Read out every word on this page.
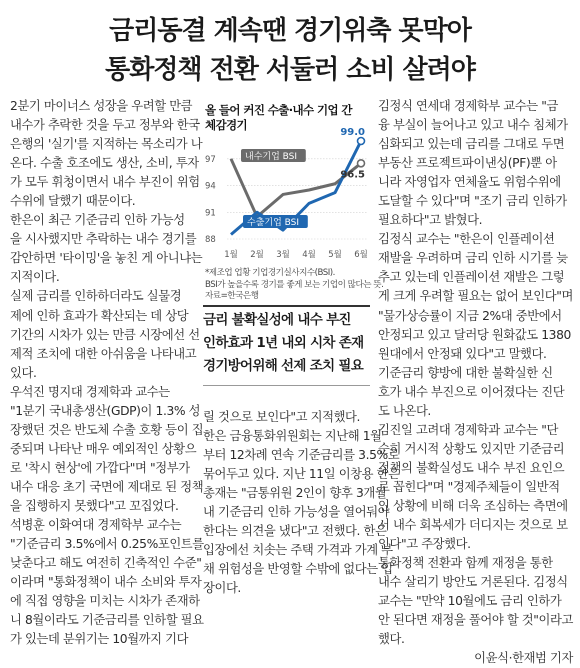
금리동결 계속땐 경기위축 못막아
통화정책 전환 서둘러 소비 살려야

2분기 마이너스 성장을 우려할 만큼

내수가 추락한 것을 두고 정부와 한국

은행의 '실기'를 지적하는 목소리가 나

온다. 수출 호조에도 생산, 소비, 투자

가 모두 휘청이면서 내수 부진이 위험

수위에 달했기 때문이다.

한은이 최근 기준금리 인하 가능성

을 시사했지만 추락하는 내수 경기를

감안하면 '타이밍'을 놓친 게 아니냐는

지적이다.

실제 금리를 인하하더라도 실물경

제에 인하 효과가 확산되는 데 상당

기간의 시차가 있는 만큼 시장에선 선

제적 조치에 대한 아쉬움을 나타내고

있다.

우석진 명지대 경제학과 교수는

"1분기 국내총생산(GDP)이 1.3% 성

장했던 것은 반도체 수출 호황 등이 집

중되며 나타난 매우 예외적인 상황으

로 '착시 현상'에 가깝다"며 "정부가

내수 대응 초기 국면에 제대로 된 정책

을 집행하지 못했다"고 꼬집었다.

석병훈 이화여대 경제학부 교수는

"기준금리 3.5%에서 0.25%포인트를

낮춘다고 해도 여전히 긴축적인 수준"

이라며 "통화정책이 내수 소비와 투자

에 직접 영향을 미치는 시차가 존재하

니 8월이라도 기준금리를 인하할 필요

가 있는데 분위기는 10월까지 기다

올 들어 커진 수출·내수 기업 간
체감경기
88
91
94
97
1월 2월 3월 4월 5월 6월
내수기업 BSI
수출기업 BSI
99.0
96.5
*제조업 업황 기업경기실사지수(BSI).
BSI가 높을수록 경기를 좋게 보는 기업이 많다는 뜻.
자료=한국은행

금리 불확실성에 내수 부진

인하효과 1년 내외 시차 존재

경기방어위해 선제 조치 필요

릴 것으로 보인다"고 지적했다.

한은 금융통화위원회는 지난해 1월

부터 12차례 연속 기준금리를 3.5%로

묶어두고 있다. 지난 11일 이창용 한은

총재는 "금통위원 2인이 향후 3개월

내 기준금리 인하 가능성을 열어둬야

한다는 의견을 냈다"고 전했다. 한은

입장에선 치솟는 주택 가격과 가계 부

채 위험성을 반영할 수밖에 없다는 입

장이다.

김정식 연세대 경제학부 교수는 "금

융 부실이 늘어나고 있고 내수 침체가

심화되고 있는데 금리를 그대로 두면

부동산 프로젝트파이낸싱(PF)뿐 아

니라 자영업자 연체율도 위험수위에

도달할 수 있다"며 "조기 금리 인하가

필요하다"고 밝혔다.

김정식 교수는 "한은이 인플레이션

재발을 우려하며 금리 인하 시기를 늦

추고 있는데 인플레이션 재발은 그렇

게 크게 우려할 필요는 없어 보인다"며

"물가상승률이 지금 2%대 중반에서

안정되고 있고 달러당 원화값도 1380

원대에서 안정돼 있다"고 말했다.

기준금리 향방에 대한 불확실한 신

호가 내수 부진으로 이어졌다는 진단

도 나온다.

김진일 고려대 경제학과 교수는 "단

순히 거시적 상황도 있지만 기준금리

정책의 불확실성도 내수 부진 요인으

로 꼽힌다"며 "경제주체들이 일반적

인 상황에 비해 더욱 조심하는 측면에

서 내수 회복세가 더디지는 것으로 보

인다"고 주장했다.

통화정책 전환과 함께 재정을 통한

내수 살리기 방안도 거론된다. 김정식

교수는 "만약 10월에도 금리 인하가

안 된다면 재정을 풀어야 할 것"이라고

했다.

이윤식·한재범 기자
